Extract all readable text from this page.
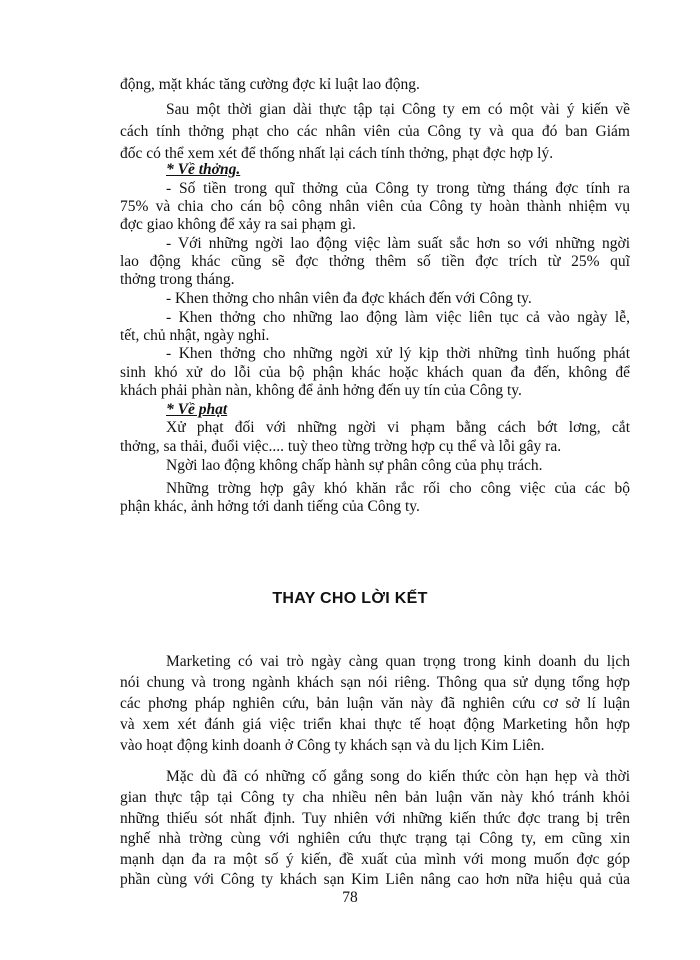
động, mặt khác tăng cường đợc kỉ luật lao động.
Sau một thời gian dài thực tập tại Công ty em có một vài ý kiến về
cách tính thởng phạt cho các nhân viên của Công ty và qua đó ban Giám
đốc có thể xem xét để thống nhất lại cách tính thởng, phạt đợc hợp lý.
* Về thởng.
- Số tiền trong quĩ thởng của Công ty trong từng tháng đợc tính ra
75% và chia cho cán bộ công nhân viên của Công ty hoàn thành nhiệm vụ
đợc giao không để xảy ra sai phạm gì.
- Với những ngời lao động việc làm suất sắc hơn so với những ngời
lao động khác cũng sẽ đợc thởng thêm số tiền đợc trích từ 25% quĩ
thởng trong tháng.
- Khen thởng cho nhân viên đa đợc khách đến với Công ty.
- Khen thởng cho những lao động làm việc liên tục cả vào ngày lễ,
tết, chủ nhật, ngày nghỉ.
- Khen thởng cho những ngời xử lý kịp thời những tình huống phát
sinh khó xử do lỗi của bộ phận khác hoặc khách quan đa đến, không để
khách phải phàn nàn, không để ảnh hởng đến uy tín của Công ty.
* Về phạt
Xử phạt đối với những ngời vi phạm bằng cách bớt lơng, cắt
thởng, sa thải, đuổi việc.... tuỳ theo từng trờng hợp cụ thể và lỗi gây ra.
Ngời lao động không chấp hành sự phân công của phụ trách.
Những trờng hợp gây khó khăn rắc rối cho công việc của các bộ
phận khác, ảnh hởng tới danh tiếng của Công ty.
THAY CHO LỜI KẾT
Marketing có vai trò ngày càng quan trọng trong kinh doanh du lịch
nói chung và trong ngành khách sạn nói riêng. Thông qua sử dụng tổng hợp
các phơng pháp nghiên cứu, bản luận văn này đã nghiên cứu cơ sở lí luận
và xem xét đánh giá việc triển khai thực tế hoạt động Marketing hỗn hợp
vào hoạt động kinh doanh ở Công ty khách sạn và du lịch Kim Liên.
Mặc dù đã có những cố gắng song do kiến thức còn hạn hẹp và thời
gian thực tập tại Công ty cha nhiều nên bản luận văn này khó tránh khỏi
những thiếu sót nhất định. Tuy nhiên với những kiến thức đợc trang bị trên
nghế nhà trờng cùng với nghiên cứu thực trạng tại Công ty, em cũng xin
mạnh dạn đa ra một số ý kiến, đề xuất của mình với mong muốn đợc góp
phần cùng với Công ty khách sạn Kim Liên nâng cao hơn nữa hiệu quả của
78
